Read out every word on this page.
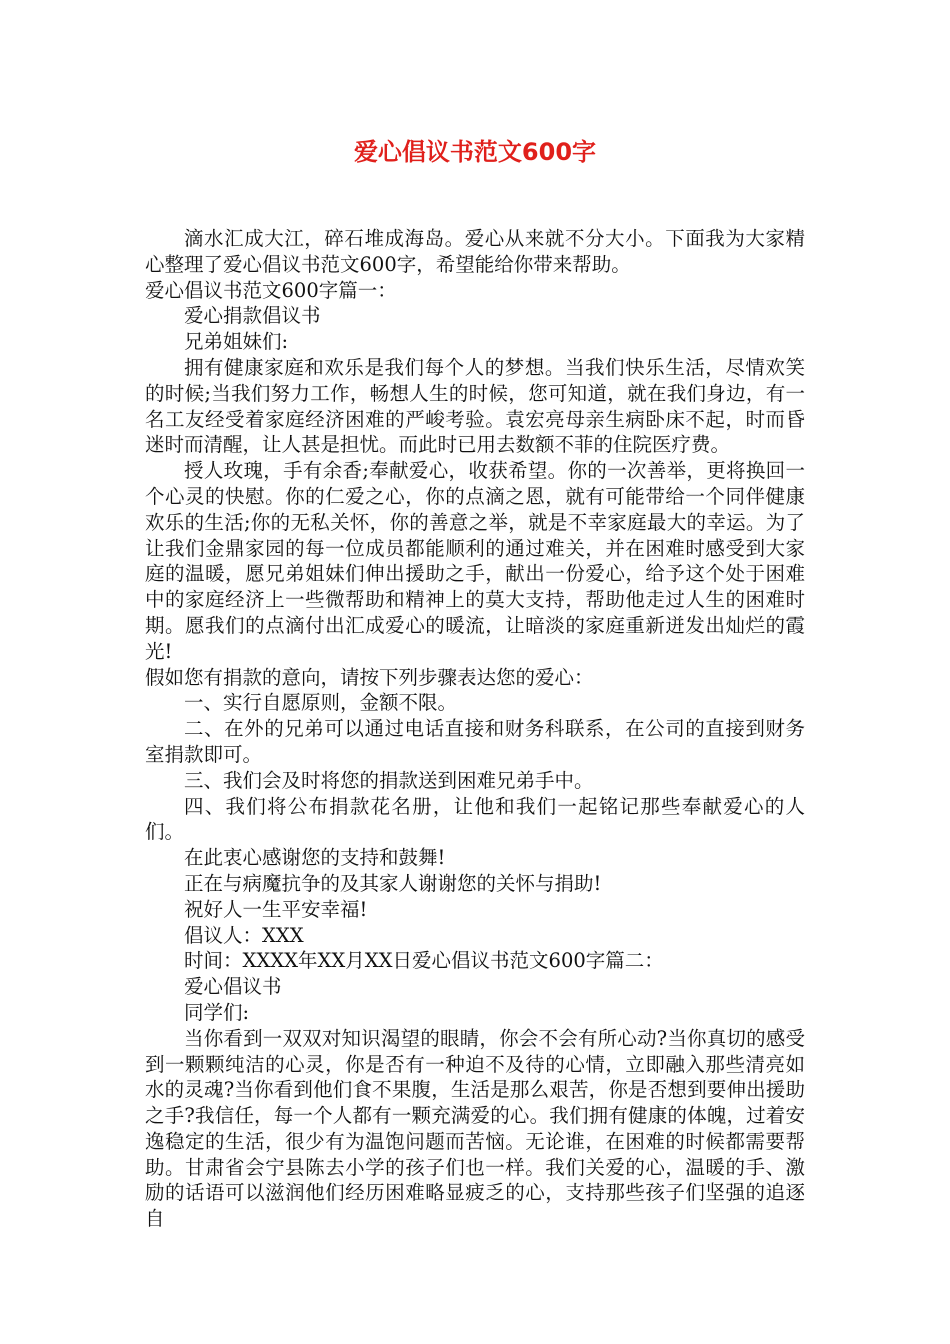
爱心倡议书范文600字

滴水汇成大江，碎石堆成海岛。爱心从来就不分大小。下面我为大家精心整理了爱心倡议书范文600字，希望能给你带来帮助。

爱心倡议书范文600字篇一：

爱心捐款倡议书

兄弟姐妹们:

拥有健康家庭和欢乐是我们每个人的梦想。当我们快乐生活，尽情欢笑的时候;当我们努力工作，畅想人生的时候，您可知道，就在我们身边，有一名工友经受着家庭经济困难的严峻考验。袁宏亮母亲生病卧床不起，时而昏迷时而清醒，让人甚是担忧。而此时已用去数额不菲的住院医疗费。

授人玫瑰，手有余香;奉献爱心，收获希望。你的一次善举，更将换回一个心灵的快慰。你的仁爱之心，你的点滴之恩，就有可能带给一个同伴健康欢乐的生活;你的无私关怀，你的善意之举，就是不幸家庭最大的幸运。为了让我们金鼎家园的每一位成员都能顺利的通过难关，并在困难时感受到大家庭的温暖，愿兄弟姐妹们伸出援助之手，献出一份爱心，给予这个处于困难中的家庭经济上一些微帮助和精神上的莫大支持，帮助他走过人生的困难时期。愿我们的点滴付出汇成爱心的暖流，让暗淡的家庭重新迸发出灿烂的霞光!

假如您有捐款的意向，请按下列步骤表达您的爱心：

一、实行自愿原则，金额不限。

二、在外的兄弟可以通过电话直接和财务科联系，在公司的直接到财务室捐款即可。

三、我们会及时将您的捐款送到困难兄弟手中。

四、我们将公布捐款花名册，让他和我们一起铭记那些奉献爱心的人们。

在此衷心感谢您的支持和鼓舞!

正在与病魔抗争的及其家人谢谢您的关怀与捐助!

祝好人一生平安幸福!

倡议人：XXX

时间：XXXX年XX月XX日爱心倡议书范文600字篇二：

爱心倡议书

同学们:

当你看到一双双对知识渴望的眼睛，你会不会有所心动?当你真切的感受到一颗颗纯洁的心灵，你是否有一种迫不及待的心情，立即融入那些清亮如水的灵魂?当你看到他们食不果腹，生活是那么艰苦，你是否想到要伸出援助之手?我信任，每一个人都有一颗充满爱的心。我们拥有健康的体魄，过着安逸稳定的生活，很少有为温饱问题而苦恼。无论谁，在困难的时候都需要帮助。甘肃省会宁县陈去小学的孩子们也一样。我们关爱的心，温暖的手、激励的话语可以滋润他们经历困难略显疲乏的心，支持那些孩子们坚强的追逐自
